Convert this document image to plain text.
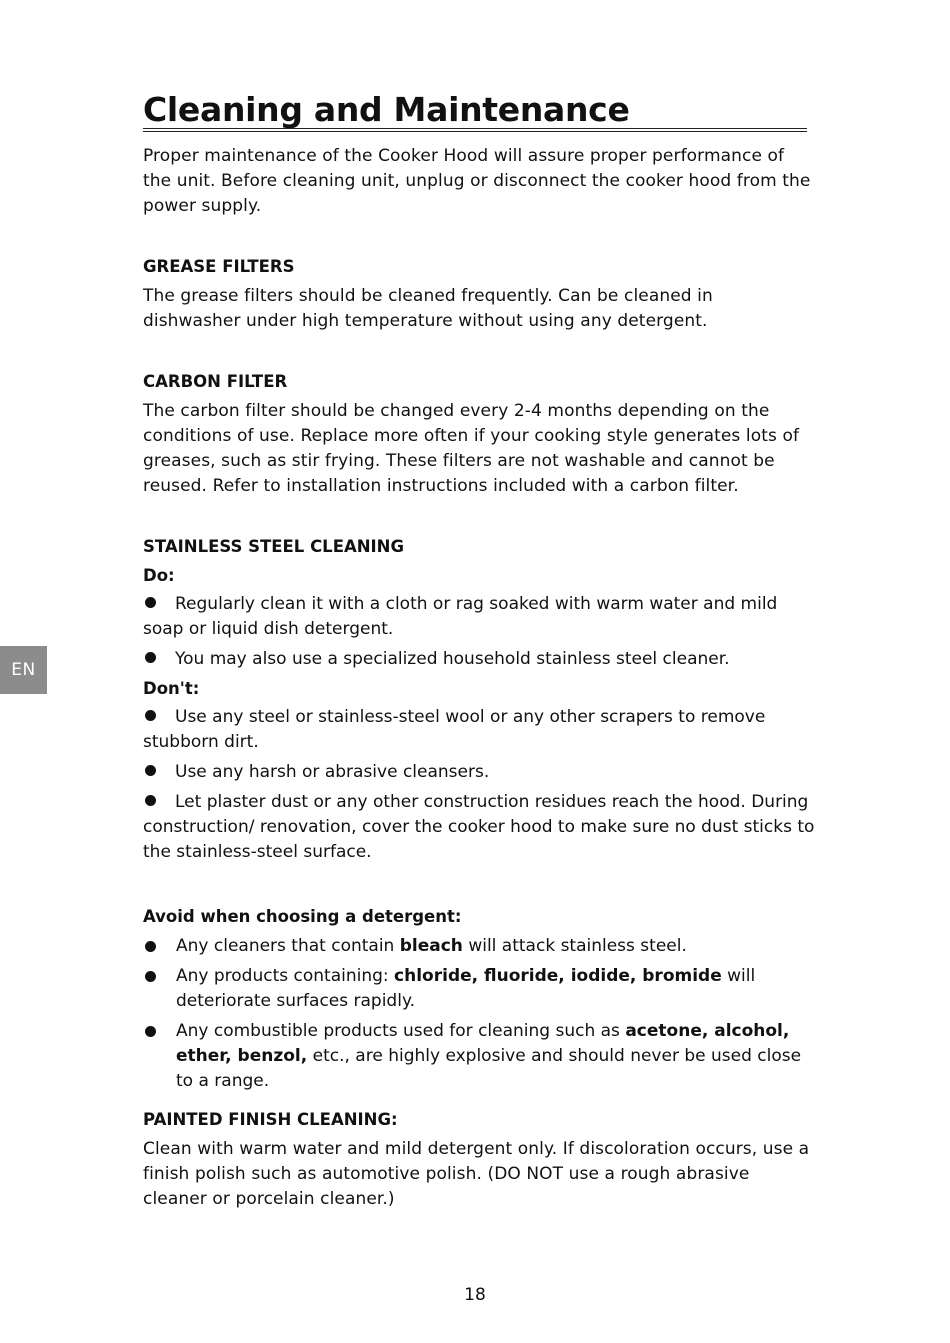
EN
Cleaning and Maintenance

Proper maintenance of the Cooker Hood will assure proper performance of the unit. Before cleaning unit, unplug or disconnect the cooker hood from the power supply.

GREASE FILTERS

The grease filters should be cleaned frequently. Can be cleaned in dishwasher under high temperature without using any detergent.

CARBON FILTER

The carbon filter should be changed every 2-4 months depending on the conditions of use. Replace more often if your cooking style generates lots of greases, such as stir frying. These filters are not washable and cannot be reused. Refer to installation instructions included with a carbon filter.

STAINLESS STEEL CLEANING
Do:
Regularly clean it with a cloth or rag soaked with warm water and mild soap or liquid dish detergent.
You may also use a specialized household stainless steel cleaner.
Don't:
Use any steel or stainless-steel wool or any other scrapers to remove stubborn dirt.
Use any harsh or abrasive cleansers.
Let plaster dust or any other construction residues reach the hood. During construction/ renovation, cover the cooker hood to make sure no dust sticks to the stainless-steel surface.
Avoid when choosing a detergent:
Any cleaners that contain bleach will attack stainless steel.
Any products containing: chloride, fluoride, iodide, bromide will deteriorate surfaces rapidly.
Any combustible products used for cleaning such as acetone, alcohol, ether, benzol, etc., are highly explosive and should never be used close to a range.
PAINTED FINISH CLEANING:

Clean with warm water and mild detergent only. If discoloration occurs, use a finish polish such as automotive polish. (DO NOT use a rough abrasive cleaner or porcelain cleaner.)

18
